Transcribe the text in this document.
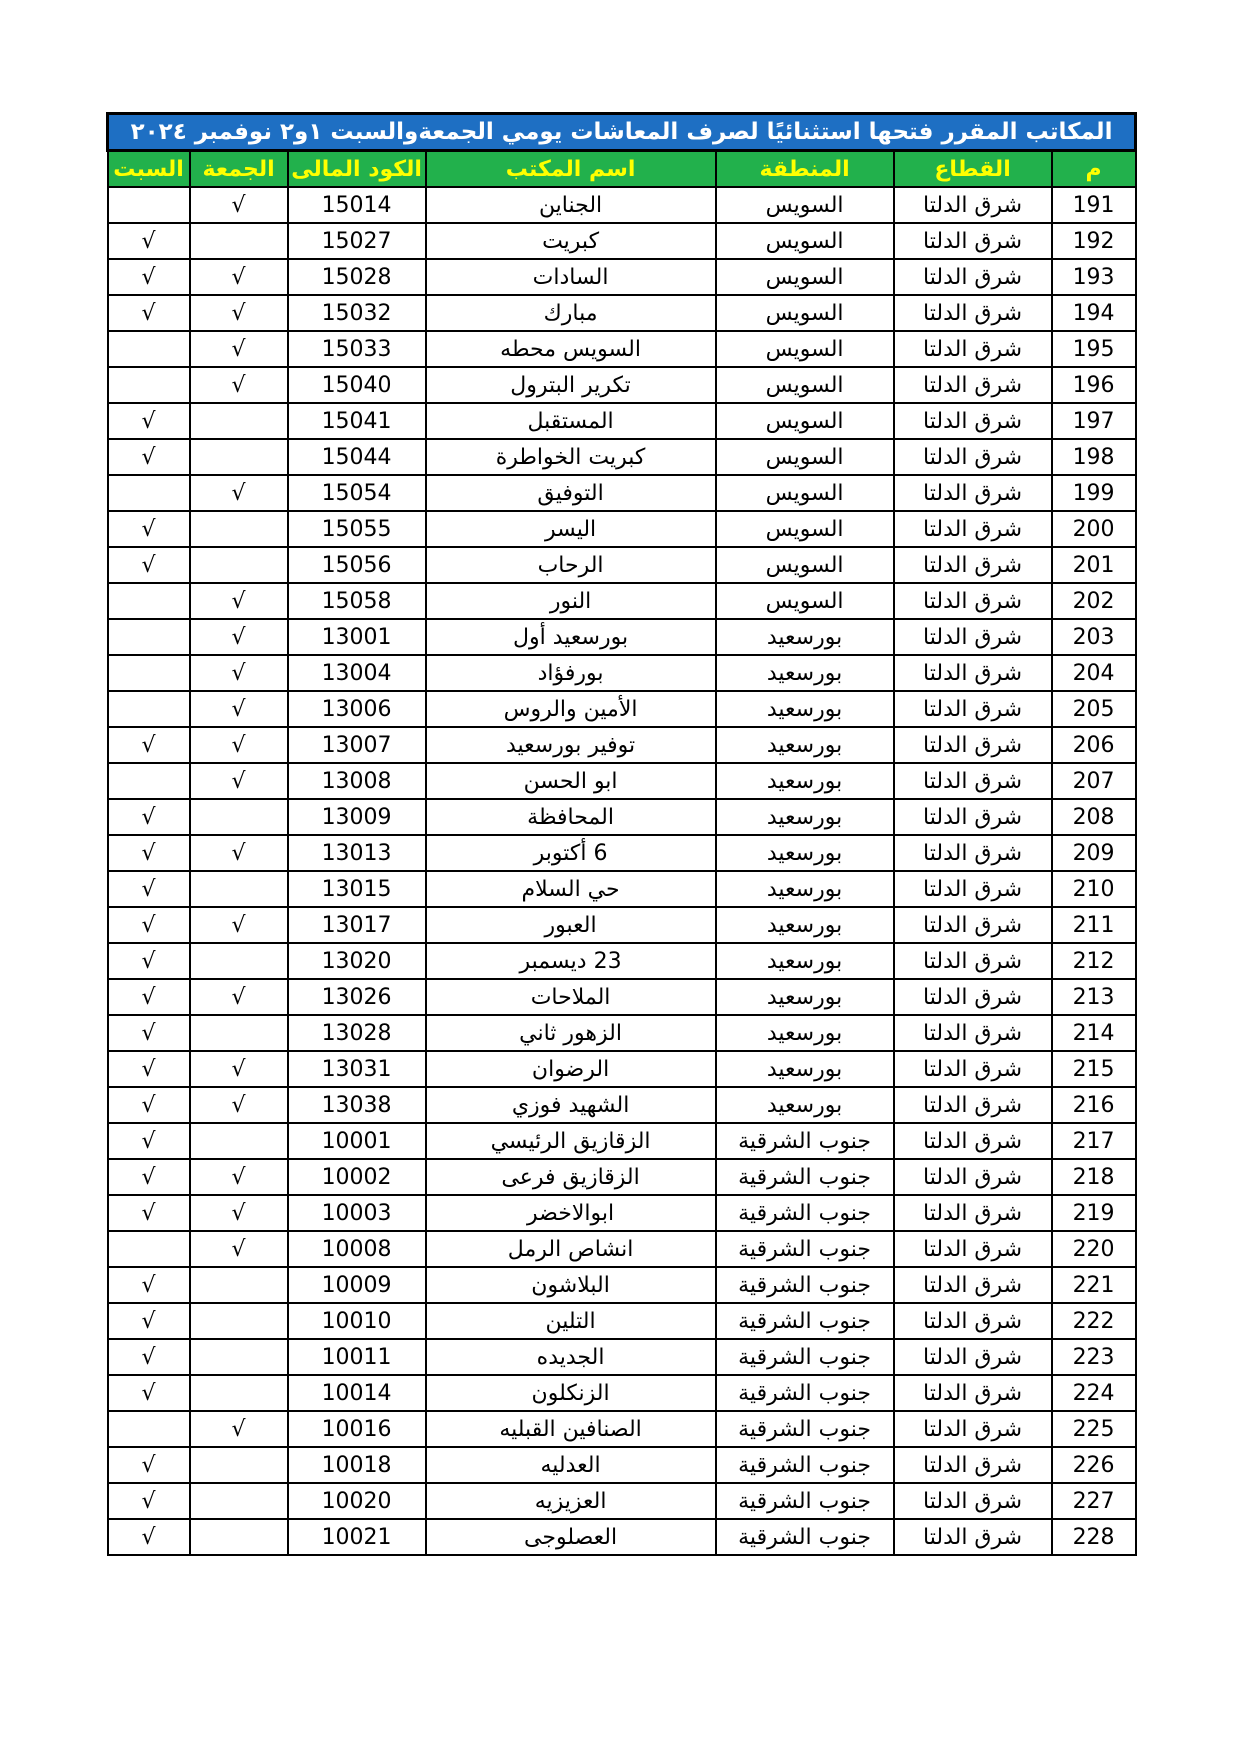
المكاتب المقرر فتحها استثنائيًا لصرف المعاشات يومي الجمعةوالسبت ١و٢ نوفمبر ٢٠٢٤						
م	القطاع	المنطقة	اسم المكتب	الكود المالى	الجمعة	السبت
191	شرق الدلتا	السويس	الجناين	15014	√	
192	شرق الدلتا	السويس	كبريت	15027		√
193	شرق الدلتا	السويس	السادات	15028	√	√
194	شرق الدلتا	السويس	مبارك	15032	√	√
195	شرق الدلتا	السويس	السويس محطه	15033	√	
196	شرق الدلتا	السويس	تكرير البترول	15040	√	
197	شرق الدلتا	السويس	المستقبل	15041		√
198	شرق الدلتا	السويس	كبريت الخواطرة	15044		√
199	شرق الدلتا	السويس	التوفيق	15054	√	
200	شرق الدلتا	السويس	اليسر	15055		√
201	شرق الدلتا	السويس	الرحاب	15056		√
202	شرق الدلتا	السويس	النور	15058	√	
203	شرق الدلتا	بورسعيد	بورسعيد أول	13001	√	
204	شرق الدلتا	بورسعيد	بورفؤاد	13004	√	
205	شرق الدلتا	بورسعيد	الأمين والروس	13006	√	
206	شرق الدلتا	بورسعيد	توفير بورسعيد	13007	√	√
207	شرق الدلتا	بورسعيد	ابو الحسن	13008	√	
208	شرق الدلتا	بورسعيد	المحافظة	13009		√
209	شرق الدلتا	بورسعيد	6 أكتوبر	13013	√	√
210	شرق الدلتا	بورسعيد	حي السلام	13015		√
211	شرق الدلتا	بورسعيد	العبور	13017	√	√
212	شرق الدلتا	بورسعيد	23 ديسمبر	13020		√
213	شرق الدلتا	بورسعيد	الملاحات	13026	√	√
214	شرق الدلتا	بورسعيد	الزهور ثاني	13028		√
215	شرق الدلتا	بورسعيد	الرضوان	13031	√	√
216	شرق الدلتا	بورسعيد	الشهيد فوزي	13038	√	√
217	شرق الدلتا	جنوب الشرقية	الزقازيق الرئيسي	10001		√
218	شرق الدلتا	جنوب الشرقية	الزقازيق فرعى	10002	√	√
219	شرق الدلتا	جنوب الشرقية	ابوالاخضر	10003	√	√
220	شرق الدلتا	جنوب الشرقية	انشاص الرمل	10008	√	
221	شرق الدلتا	جنوب الشرقية	البلاشون	10009		√
222	شرق الدلتا	جنوب الشرقية	التلين	10010		√
223	شرق الدلتا	جنوب الشرقية	الجديده	10011		√
224	شرق الدلتا	جنوب الشرقية	الزنكلون	10014		√
225	شرق الدلتا	جنوب الشرقية	الصنافين القبليه	10016	√	
226	شرق الدلتا	جنوب الشرقية	العدليه	10018		√
227	شرق الدلتا	جنوب الشرقية	العزيزيه	10020		√
228	شرق الدلتا	جنوب الشرقية	العصلوجى	10021		√
